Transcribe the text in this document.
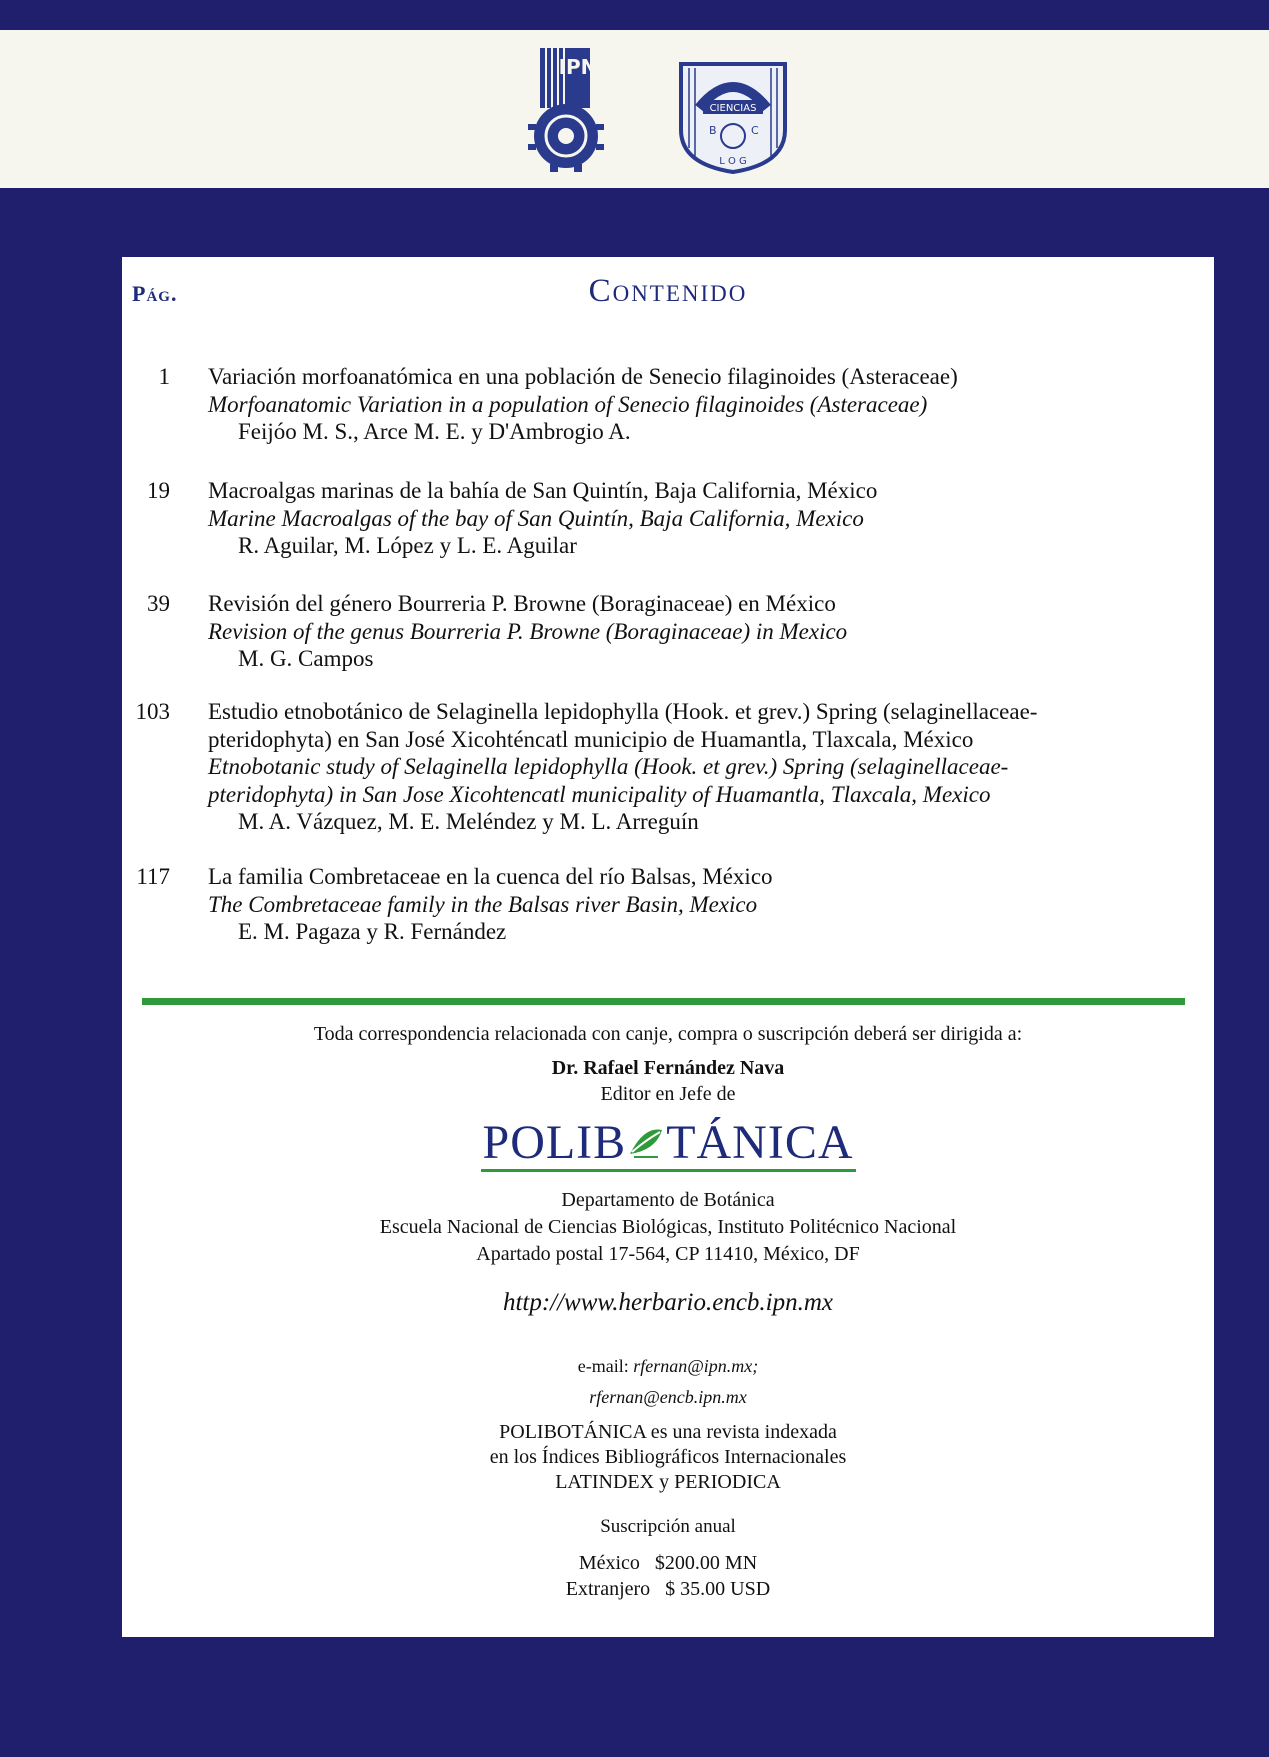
IPN
CIENCIAS
B	C
L O G
Pág.	Contenido
1 Variación morfoanatómica en una población de Senecio filaginoides (Asteraceae)
Morfoanatomic Variation in a population of Senecio filaginoides (Asteraceae)
Feijóo M. S., Arce M. E. y D'Ambrogio A.
19 Macroalgas marinas de la bahía de San Quintín, Baja California, México
Marine Macroalgas of the bay of San Quintín, Baja California, Mexico
R. Aguilar, M. López y L. E. Aguilar
39 Revisión del género Bourreria P. Browne (Boraginaceae) en México
Revision of the genus Bourreria P. Browne (Boraginaceae) in Mexico
M. G. Campos
103 Estudio etnobotánico de Selaginella lepidophylla (Hook. et grev.) Spring (selaginellaceae-
pteridophyta) en San José Xicohténcatl municipio de Huamantla, Tlaxcala, México
Etnobotanic study of Selaginella lepidophylla (Hook. et grev.) Spring (selaginellaceae-
pteridophyta) in San Jose Xicohtencatl municipality of Huamantla, Tlaxcala, Mexico
M. A. Vázquez, M. E. Meléndez y M. L. Arreguín
117 La familia Combretaceae en la cuenca del río Balsas, México
The Combretaceae family in the Balsas river Basin, Mexico
E. M. Pagaza y R. Fernández
Toda correspondencia relacionada con canje, compra o suscripción deberá ser dirigida a:
Dr. Rafael Fernández Nava
Editor en Jefe de
POLIB TÁNICA
Departamento de Botánica
Escuela Nacional de Ciencias Biológicas, Instituto Politécnico Nacional
Apartado postal 17-564, CP 11410, México, DF
http://www.herbario.encb.ipn.mx
e-mail: rfernan@ipn.mx;
rfernan@encb.ipn.mx
POLIBOTÁNICA es una revista indexada
en los Índices Bibliográficos Internacionales
LATINDEX y PERIODICA
Suscripción anual
México   $200.00 MN
Extranjero   $ 35.00 USD
